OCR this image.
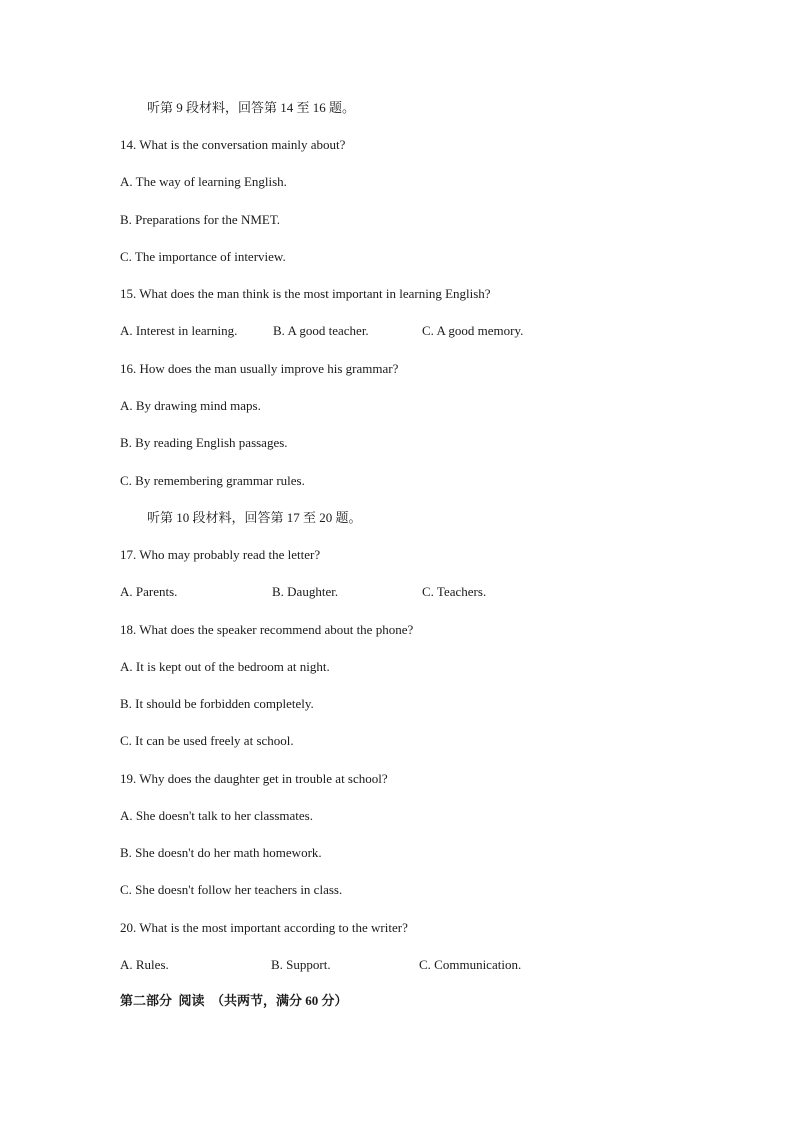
听第 9 段材料，回答第 14 至 16 题。
14. What is the conversation mainly about?
A. The way of learning English.
B. Preparations for the NMET.
C. The importance of interview.
15. What does the man think is the most important in learning English?
A. Interest in learning.	B. A good teacher.	C. A good memory.
16. How does the man usually improve his grammar?
A. By drawing mind maps.
B. By reading English passages.
C. By remembering grammar rules.
听第 10 段材料，回答第 17 至 20 题。
17. Who may probably read the letter?
A. Parents.	B. Daughter.	C. Teachers.
18. What does the speaker recommend about the phone?
A. It is kept out of the bedroom at night.
B. It should be forbidden completely.
C. It can be used freely at school.
19. Why does the daughter get in trouble at school?
A. She doesn't talk to her classmates.
B. She doesn't do her math homework.
C. She doesn't follow her teachers in class.
20. What is the most important according to the writer?
A. Rules.	B. Support.	C. Communication.
第二部分  阅读  （共两节，满分 60 分）
